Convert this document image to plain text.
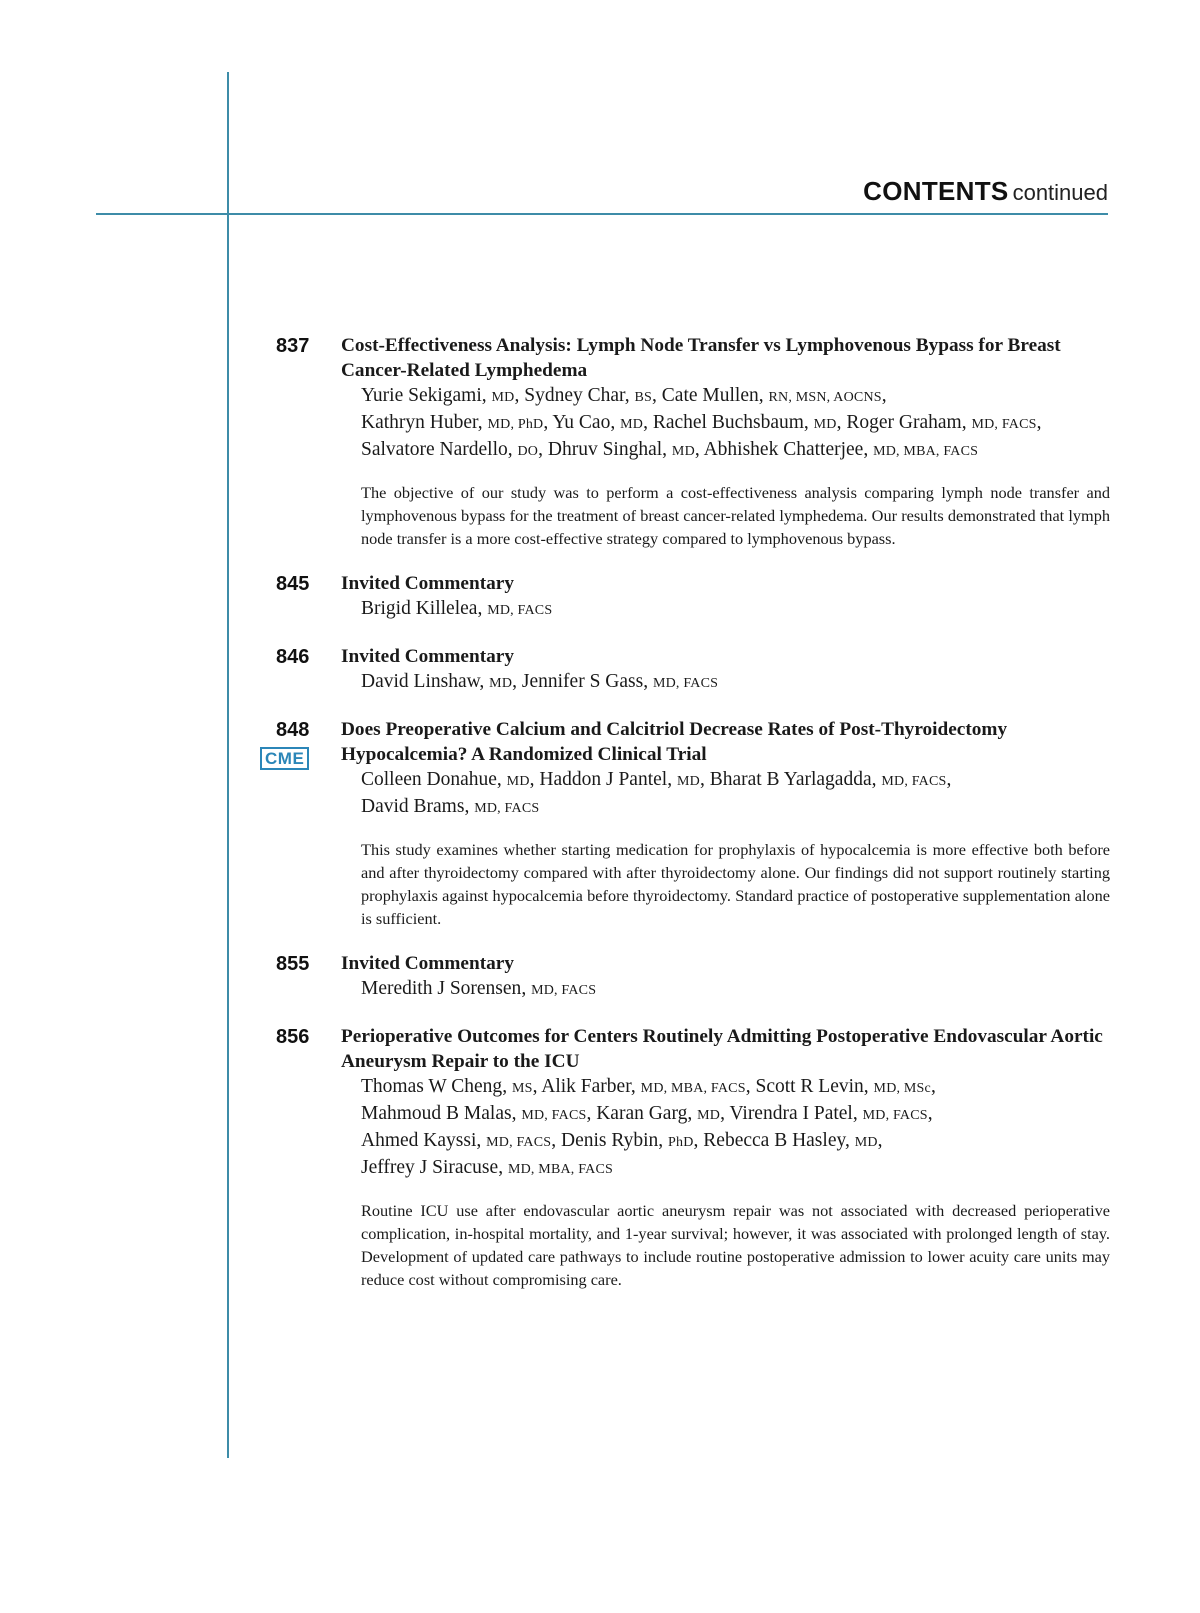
CONTENTS continued
837 Cost-Effectiveness Analysis: Lymph Node Transfer vs Lymphovenous Bypass for Breast Cancer-Related Lymphedema
Yurie Sekigami, MD, Sydney Char, BS, Cate Mullen, RN, MSN, AOCNS,
Kathryn Huber, MD, PhD, Yu Cao, MD, Rachel Buchsbaum, MD, Roger Graham, MD, FACS,
Salvatore Nardello, DO, Dhruv Singhal, MD, Abhishek Chatterjee, MD, MBA, FACS
The objective of our study was to perform a cost-effectiveness analysis comparing lymph node transfer and lymphovenous bypass for the treatment of breast cancer-related lymphedema. Our results demonstrated that lymph node transfer is a more cost-effective strategy compared to lymphovenous bypass.
845 Invited Commentary
Brigid Killelea, MD, FACS
846 Invited Commentary
David Linshaw, MD, Jennifer S Gass, MD, FACS
848
CME
Does Preoperative Calcium and Calcitriol Decrease Rates of Post-Thyroidectomy Hypocalcemia? A Randomized Clinical Trial
Colleen Donahue, MD, Haddon J Pantel, MD, Bharat B Yarlagadda, MD, FACS,
David Brams, MD, FACS
This study examines whether starting medication for prophylaxis of hypocalcemia is more effective both before and after thyroidectomy compared with after thyroidectomy alone. Our findings did not support routinely starting prophylaxis against hypocalcemia before thyroidectomy. Standard practice of postoperative supplementation alone is sufficient.
855 Invited Commentary
Meredith J Sorensen, MD, FACS
856 Perioperative Outcomes for Centers Routinely Admitting Postoperative Endovascular Aortic Aneurysm Repair to the ICU
Thomas W Cheng, MS, Alik Farber, MD, MBA, FACS, Scott R Levin, MD, MSc,
Mahmoud B Malas, MD, FACS, Karan Garg, MD, Virendra I Patel, MD, FACS,
Ahmed Kayssi, MD, FACS, Denis Rybin, PhD, Rebecca B Hasley, MD,
Jeffrey J Siracuse, MD, MBA, FACS
Routine ICU use after endovascular aortic aneurysm repair was not associated with decreased perioperative complication, in-hospital mortality, and 1-year survival; however, it was associated with prolonged length of stay. Development of updated care pathways to include routine postoperative admission to lower acuity care units may reduce cost without compromising care.
